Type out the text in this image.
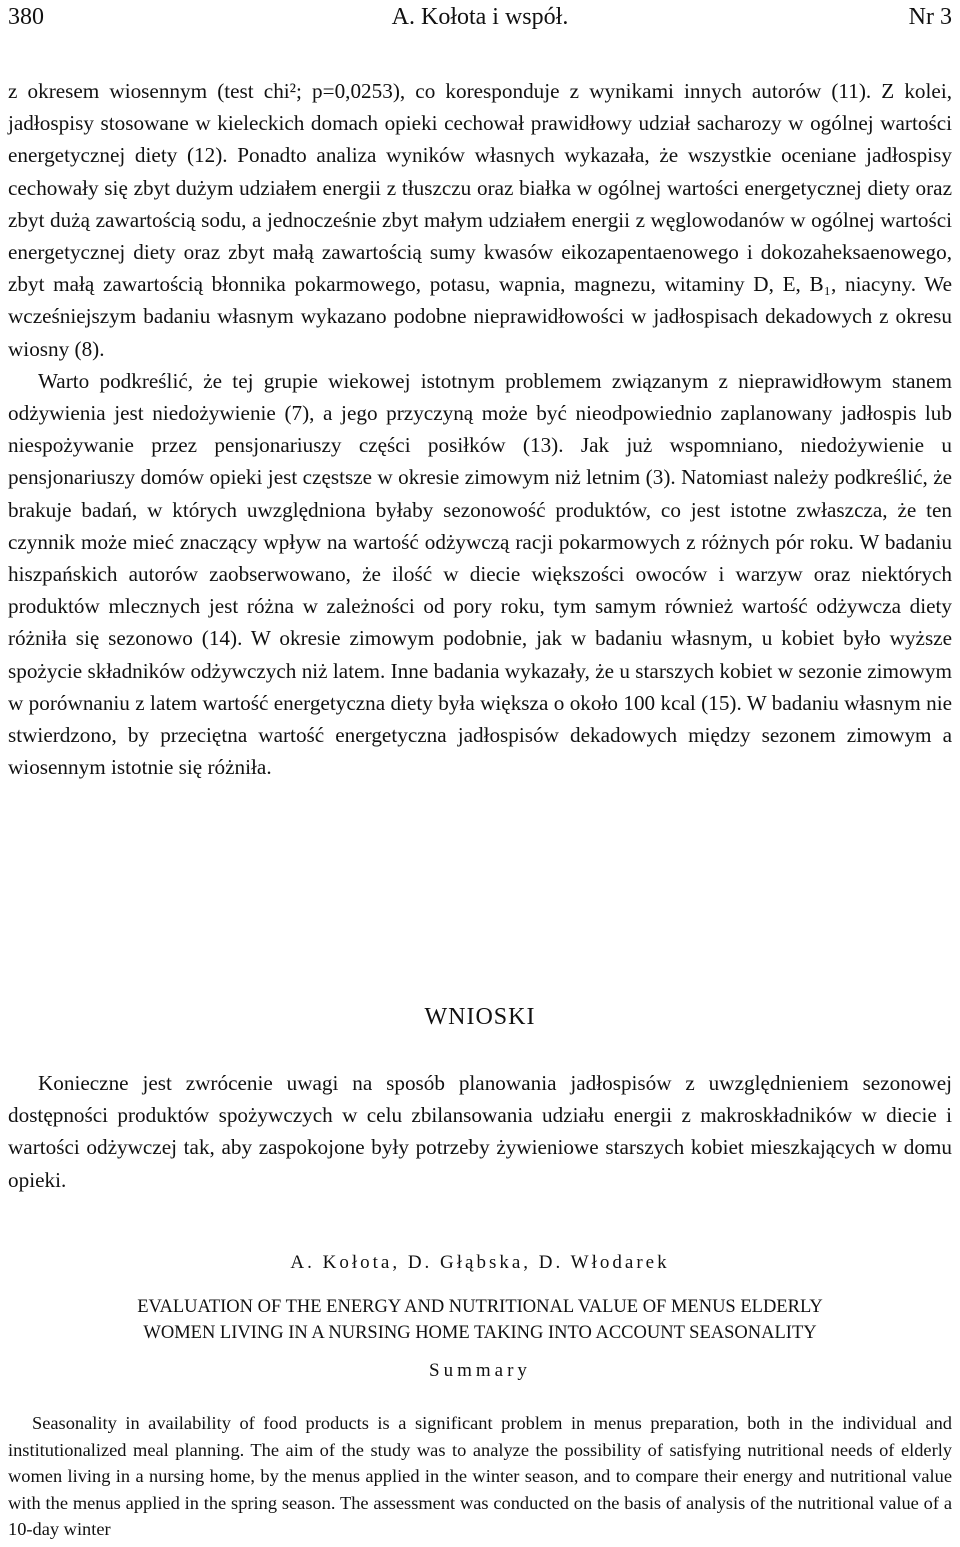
380	A. Kołota i współ.	Nr 3

z okresem wiosennym (test chi²; p=0,0253), co koresponduje z wynikami innych autorów (11). Z kolei, jadłospisy stosowane w kieleckich domach opieki cechował prawidłowy udział sacharozy w ogólnej wartości energetycznej diety (12). Ponadto analiza wyników własnych wykazała, że wszystkie oceniane jadłospisy cechowały się zbyt dużym udziałem energii z tłuszczu oraz białka w ogólnej wartości energetycznej diety oraz zbyt dużą zawartością sodu, a jednocześnie zbyt małym udziałem energii z węglowodanów w ogólnej wartości energetycznej diety oraz zbyt małą zawartością sumy kwasów eikozapentaenowego i dokozaheksaenowego, zbyt małą zawartością błonnika pokarmowego, potasu, wapnia, magnezu, witaminy D, E, B₁, niacyny. We wcześniejszym badaniu własnym wykazano podobne nieprawidłowości w jadłospisach dekadowych z okresu wiosny (8).

Warto podkreślić, że tej grupie wiekowej istotnym problemem związanym z nieprawidłowym stanem odżywienia jest niedożywienie (7), a jego przyczyną może być nieodpowiednio zaplanowany jadłospis lub niespożywanie przez pensjonariuszy części posiłków (13). Jak już wspomniano, niedożywienie u pensjonariuszy domów opieki jest częstsze w okresie zimowym niż letnim (3). Natomiast należy podkreślić, że brakuje badań, w których uwzględniona byłaby sezonowość produktów, co jest istotne zwłaszcza, że ten czynnik może mieć znaczący wpływ na wartość odżywczą racji pokarmowych z różnych pór roku. W badaniu hiszpańskich autorów zaobserwowano, że ilość w diecie większości owoców i warzyw oraz niektórych produktów mlecznych jest różna w zależności od pory roku, tym samym również wartość odżywcza diety różniła się sezonowo (14). W okresie zimowym podobnie, jak w badaniu własnym, u kobiet było wyższe spożycie składników odżywczych niż latem. Inne badania wykazały, że u starszych kobiet w sezonie zimowym w porównaniu z latem wartość energetyczna diety była większa o około 100 kcal (15). W badaniu własnym nie stwierdzono, by przeciętna wartość energetyczna jadłospisów dekadowych między sezonem zimowym a wiosennym istotnie się różniła.

WNIOSKI
Konieczne jest zwrócenie uwagi na sposób planowania jadłospisów z uwzględnieniem sezonowej dostępności produktów spożywczych w celu zbilansowania udziału energii z makroskładników w diecie i wartości odżywczej tak, aby zaspokojone były potrzeby żywieniowe starszych kobiet mieszkających w domu opieki.
A. Kołota, D. Głąbska, D. Włodarek
EVALUATION OF THE ENERGY AND NUTRITIONAL VALUE OF MENUS ELDERLY
WOMEN LIVING IN A NURSING HOME TAKING INTO ACCOUNT SEASONALITY
Summary

Seasonality in availability of food products is a significant problem in menus preparation, both in the individual and institutionalized meal planning. The aim of the study was to analyze the possibility of satisfying nutritional needs of elderly women living in a nursing home, by the menus applied in the winter season, and to compare their energy and nutritional value with the menus applied in the spring season. The assessment was conducted on the basis of analysis of the nutritional value of a 10-day winter
